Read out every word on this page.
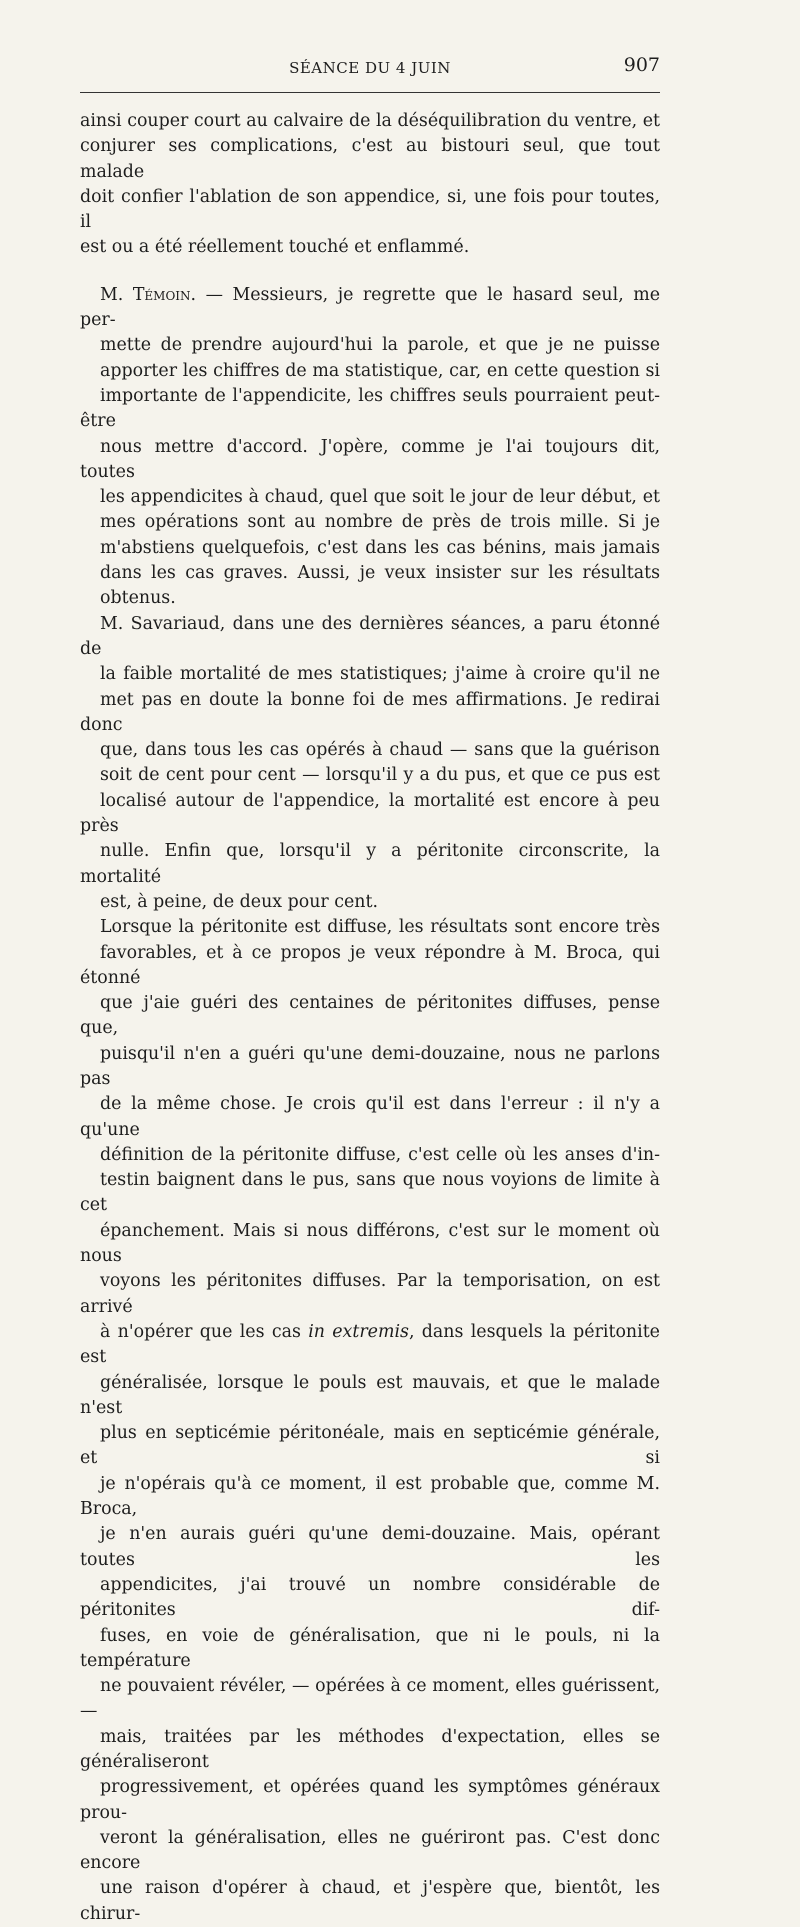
SÉANCE DU 4 JUIN	907

ainsi couper court au calvaire de la déséquilibration du ventre, et
conjurer ses complications, c'est au bistouri seul, que tout malade
doit confier l'ablation de son appendice, si, une fois pour toutes, il
est ou a été réellement touché et enflammé.

M. Témoin. — Messieurs, je regrette que le hasard seul, me per-
mette de prendre aujourd'hui la parole, et que je ne puisse
apporter les chiffres de ma statistique, car, en cette question si
importante de l'appendicite, les chiffres seuls pourraient peut-être
nous mettre d'accord. J'opère, comme je l'ai toujours dit, toutes
les appendicites à chaud, quel que soit le jour de leur début, et
mes opérations sont au nombre de près de trois mille. Si je
m'abstiens quelquefois, c'est dans les cas bénins, mais jamais
dans les cas graves. Aussi, je veux insister sur les résultats
obtenus.

M. Savariaud, dans une des dernières séances, a paru étonné de
la faible mortalité de mes statistiques; j'aime à croire qu'il ne
met pas en doute la bonne foi de mes affirmations. Je redirai donc
que, dans tous les cas opérés à chaud — sans que la guérison
soit de cent pour cent — lorsqu'il y a du pus, et que ce pus est
localisé autour de l'appendice, la mortalité est encore à peu près
nulle. Enfin que, lorsqu'il y a péritonite circonscrite, la mortalité
est, à peine, de deux pour cent.

Lorsque la péritonite est diffuse, les résultats sont encore très
favorables, et à ce propos je veux répondre à M. Broca, qui étonné
que j'aie guéri des centaines de péritonites diffuses, pense que,
puisqu'il n'en a guéri qu'une demi-douzaine, nous ne parlons pas
de la même chose. Je crois qu'il est dans l'erreur : il n'y a qu'une
définition de la péritonite diffuse, c'est celle où les anses d'in-
testin baignent dans le pus, sans que nous voyions de limite à cet
épanchement. Mais si nous différons, c'est sur le moment où nous
voyons les péritonites diffuses. Par la temporisation, on est arrivé
à n'opérer que les cas in extremis, dans lesquels la péritonite est
généralisée, lorsque le pouls est mauvais, et que le malade n'est
plus en septicémie péritonéale, mais en septicémie générale, et si
je n'opérais qu'à ce moment, il est probable que, comme M. Broca,
je n'en aurais guéri qu'une demi-douzaine. Mais, opérant toutes les
appendicites, j'ai trouvé un nombre considérable de péritonites dif-
fuses, en voie de généralisation, que ni le pouls, ni la température
ne pouvaient révéler, — opérées à ce moment, elles guérissent, —
mais, traitées par les méthodes d'expectation, elles se généraliseront
progressivement, et opérées quand les symptômes généraux prou-
veront la généralisation, elles ne guériront pas. C'est donc encore
une raison d'opérer à chaud, et j'espère que, bientôt, les chirur-
